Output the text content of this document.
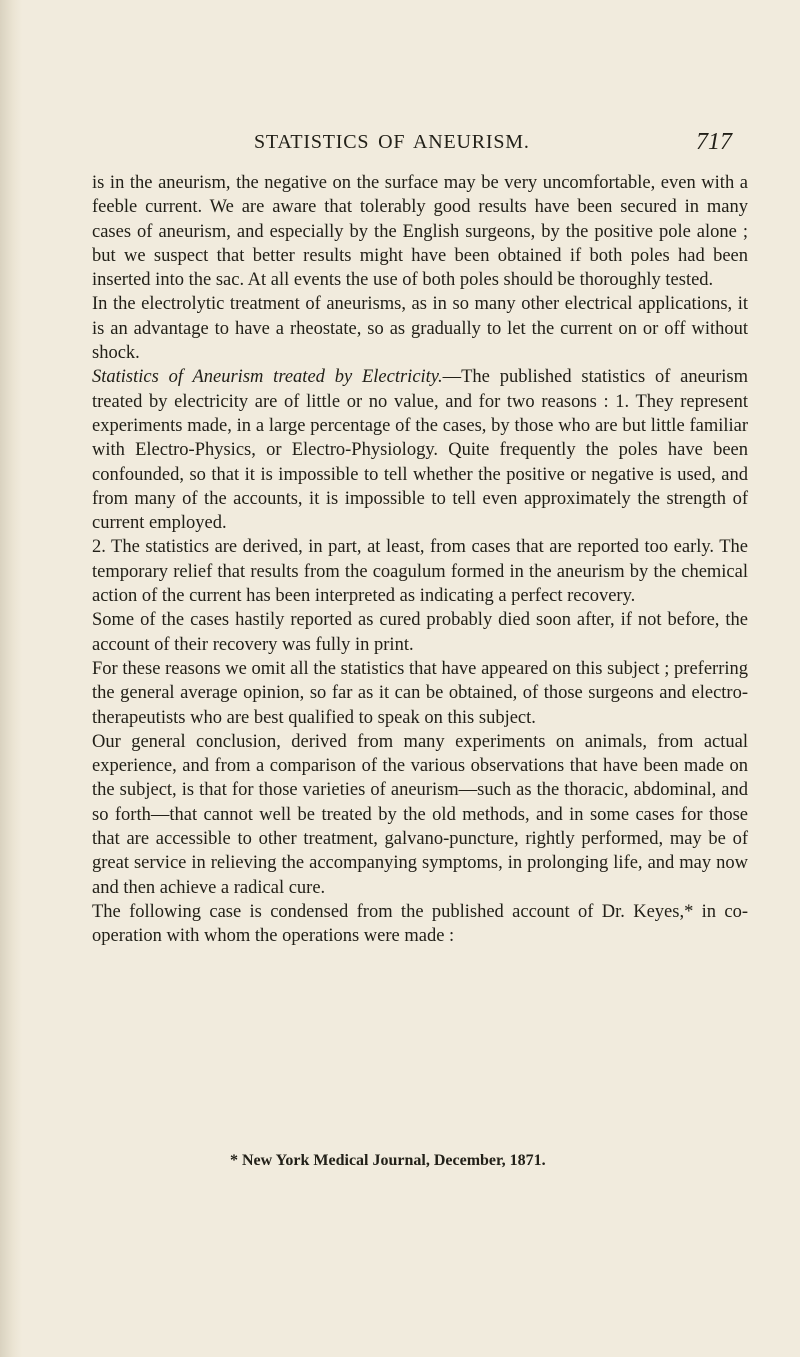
STATISTICS OF ANEURISM.	717

is in the aneurism, the negative on the surface may be very uncomfortable, even with a feeble current. We are aware that tolerably good results have been secured in many cases of aneurism, and especially by the English surgeons, by the positive pole alone ; but we suspect that better results might have been obtained if both poles had been inserted into the sac. At all events the use of both poles should be thoroughly tested.

In the electrolytic treatment of aneurisms, as in so many other electrical applications, it is an advantage to have a rheostate, so as gradually to let the current on or off without shock.

Statistics of Aneurism treated by Electricity.—The published statistics of aneurism treated by electricity are of little or no value, and for two reasons : 1. They represent experiments made, in a large percentage of the cases, by those who are but little familiar with Electro-Physics, or Electro-Physiology. Quite frequently the poles have been confounded, so that it is impossible to tell whether the positive or negative is used, and from many of the accounts, it is impossible to tell even approximately the strength of current employed.

2. The statistics are derived, in part, at least, from cases that are reported too early. The temporary relief that results from the coagulum formed in the aneurism by the chemical action of the current has been interpreted as indicating a perfect recovery.

Some of the cases hastily reported as cured probably died soon after, if not before, the account of their recovery was fully in print.

For these reasons we omit all the statistics that have appeared on this subject ; preferring the general average opinion, so far as it can be obtained, of those surgeons and electro-therapeutists who are best qualified to speak on this subject.

Our general conclusion, derived from many experiments on animals, from actual experience, and from a comparison of the various observations that have been made on the subject, is that for those varieties of aneurism—such as the thoracic, abdominal, and so forth—that cannot well be treated by the old methods, and in some cases for those that are accessible to other treatment, galvano-puncture, rightly performed, may be of great service in relieving the accompanying symptoms, in prolonging life, and may now and then achieve a radical cure.

The following case is condensed from the published account of Dr. Keyes,* in co-operation with whom the operations were made :

* New York Medical Journal, December, 1871.
